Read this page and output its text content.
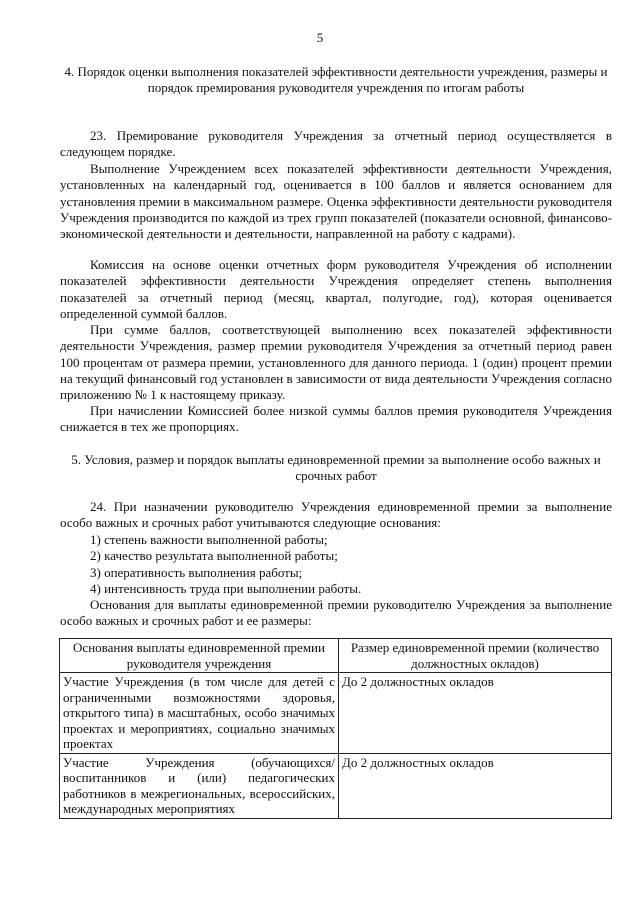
5
4. Порядок оценки выполнения показателей эффективности деятельности учреждения, размеры и порядок премирования руководителя учреждения по итогам работы
23. Премирование руководителя Учреждения за отчетный период осуществляется в следующем порядке.
Выполнение Учреждением всех показателей эффективности деятельности Учреждения, установленных на календарный год, оценивается в 100 баллов и является основанием для установления премии в максимальном размере. Оценка эффективности деятельности руководителя Учреждения производится по каждой из трех групп показателей (показатели основной, финансово-экономической деятельности и деятельности, направленной на работу с кадрами).
Комиссия на основе оценки отчетных форм руководителя Учреждения об исполнении показателей эффективности деятельности Учреждения определяет степень выполнения показателей за отчетный период (месяц, квартал, полугодие, год), которая оценивается определенной суммой баллов.
При сумме баллов, соответствующей выполнению всех показателей эффективности деятельности Учреждения, размер премии руководителя Учреждения за отчетный период равен 100 процентам от размера премии, установленного для данного периода. 1 (один) процент премии на текущий финансовый год установлен в зависимости от вида деятельности Учреждения согласно приложению № 1 к настоящему приказу.
При начислении Комиссией более низкой суммы баллов премия руководителя Учреждения снижается в тех же пропорциях.
5. Условия, размер и порядок выплаты единовременной премии за выполнение особо важных и срочных работ
24. При назначении руководителю Учреждения единовременной премии за выполнение особо важных и срочных работ учитываются следующие основания:
1) степень важности выполненной работы;
2) качество результата выполненной работы;
3) оперативность выполнения работы;
4) интенсивность труда при выполнении работы.
Основания для выплаты единовременной премии руководителю Учреждения за выполнение особо важных и срочных работ и ее размеры:
Основания выплаты единовременной премии руководителя учреждения	Размер единовременной премии (количество должностных окладов)
Участие Учреждения (в том числе для детей с ограниченными возможностями здоровья, открытого типа) в масштабных, особо значимых проектах и мероприятиях, социально значимых проектах	До 2 должностных окладов
Участие Учреждения (обучающихся/воспитанников и (или) педагогических работников в межрегиональных, всероссийских, международных мероприятиях	До 2 должностных окладов
